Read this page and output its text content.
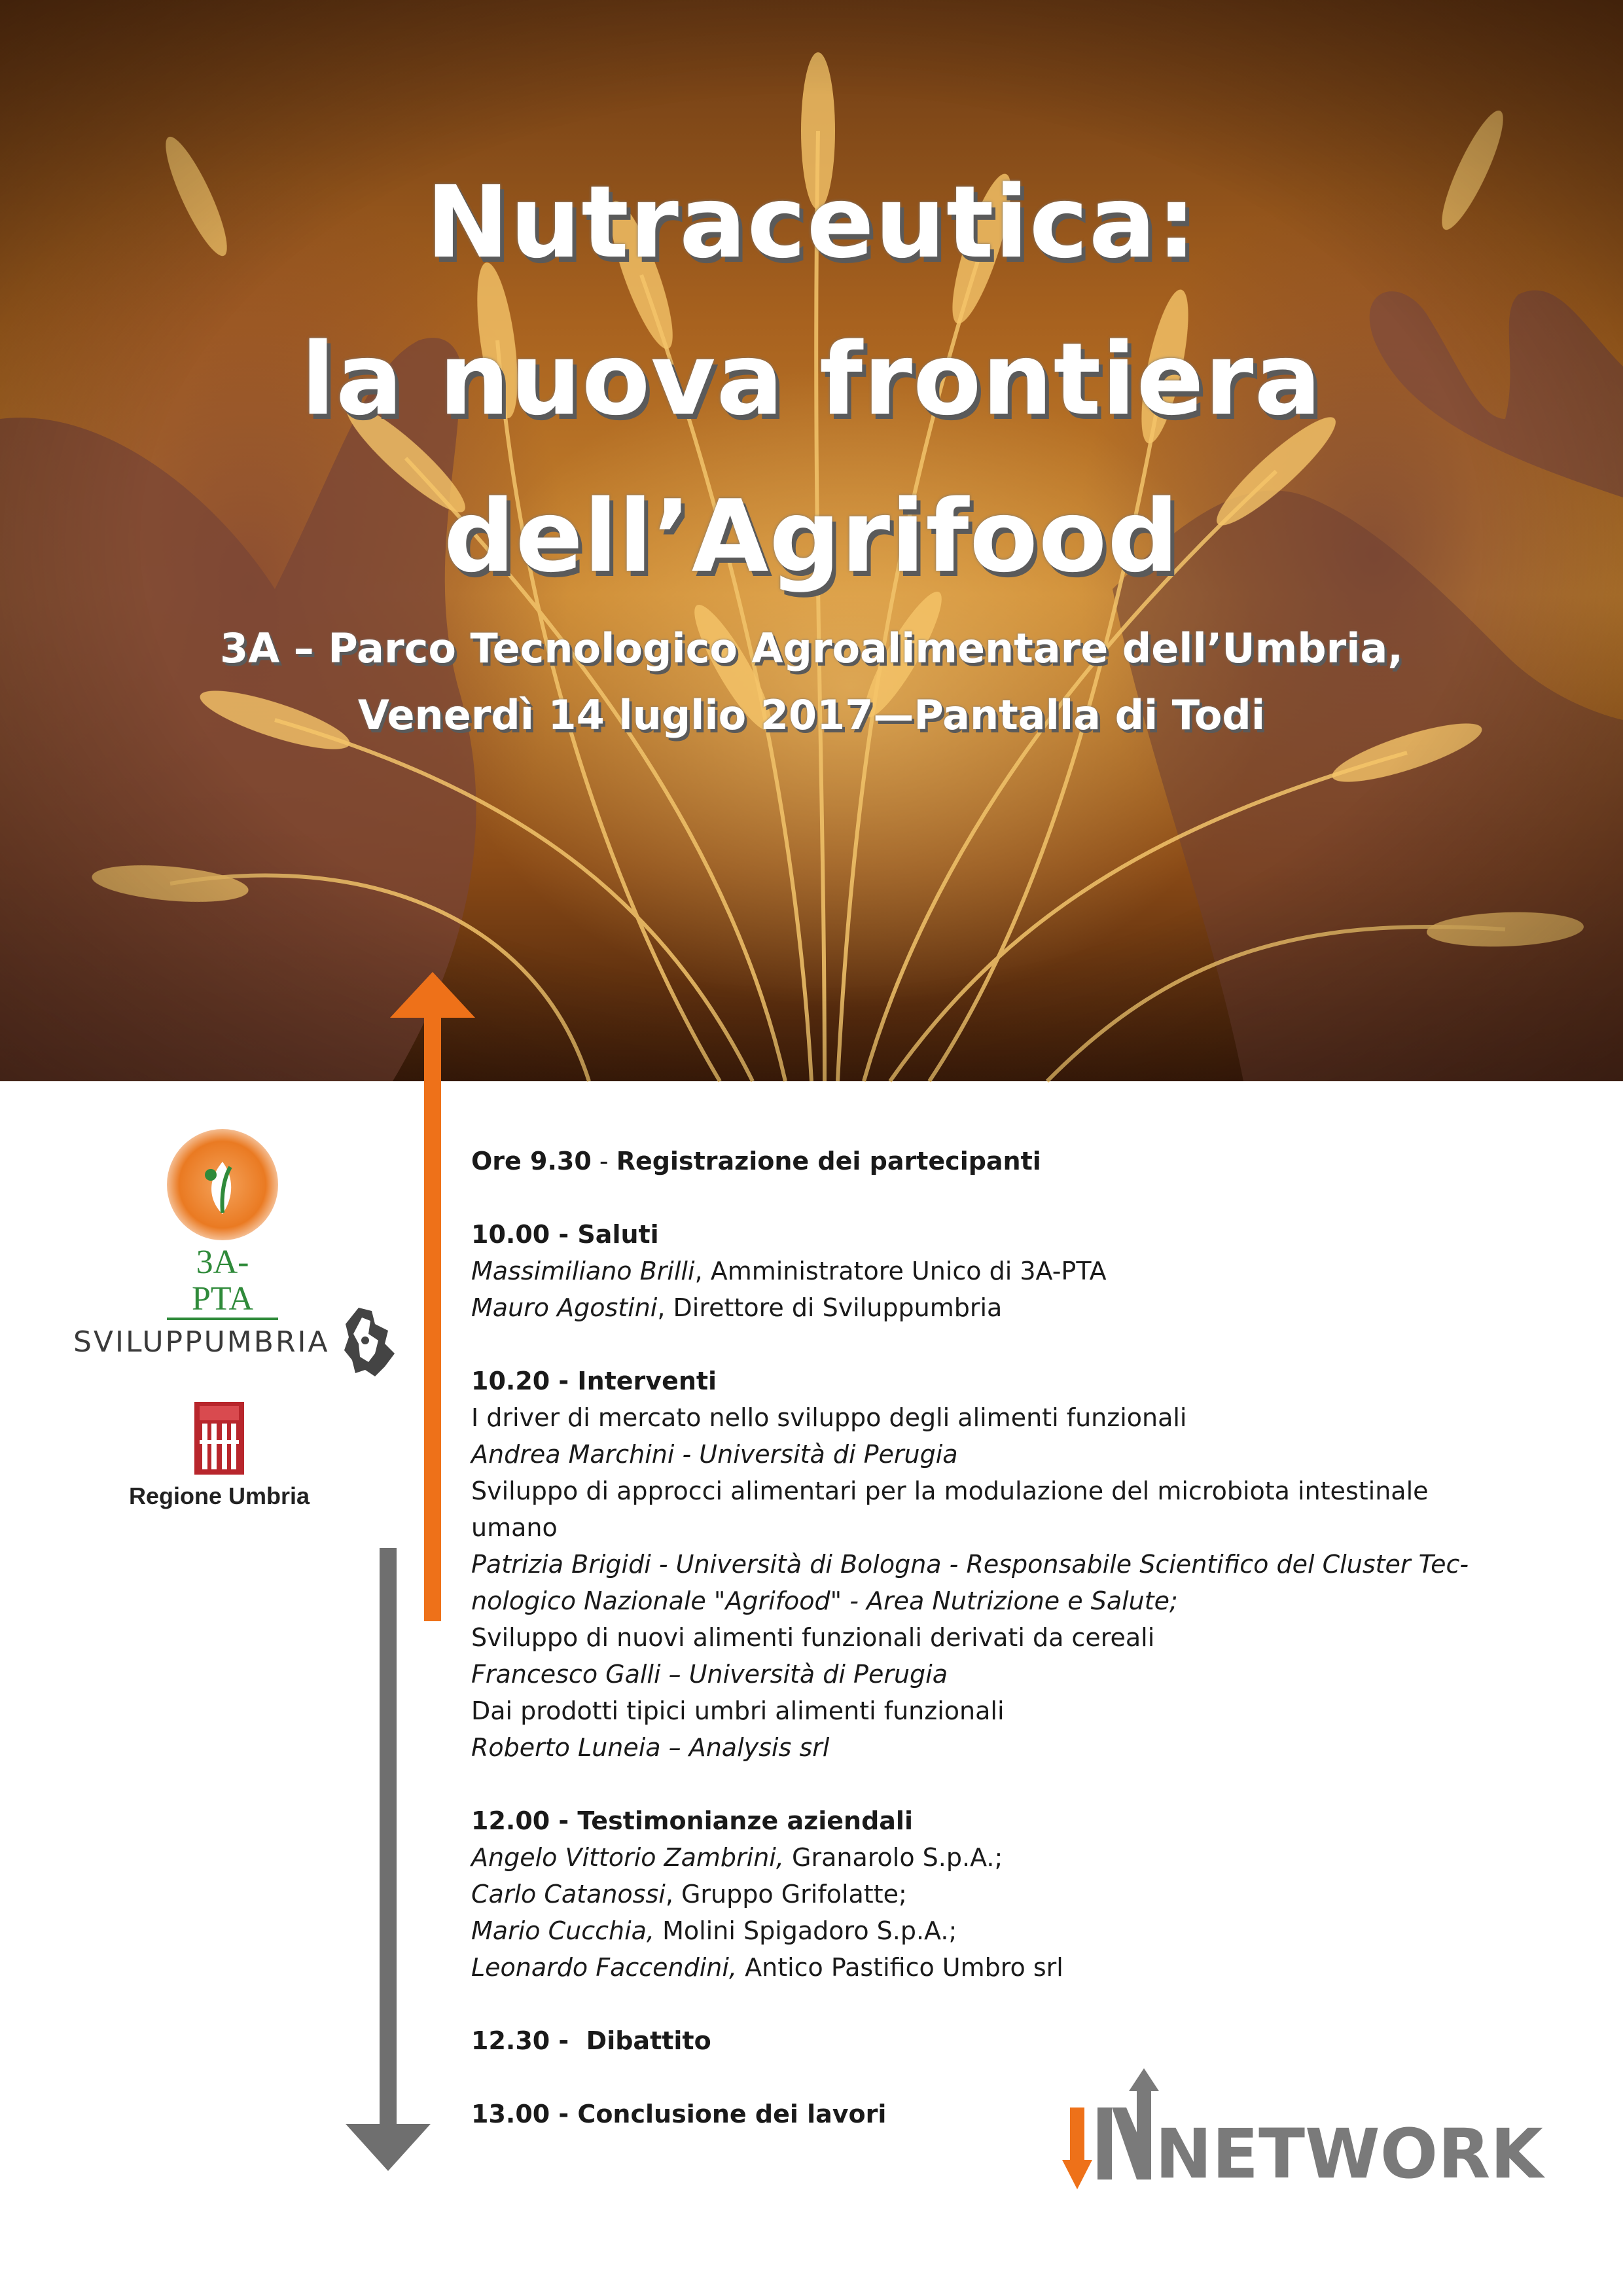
Nutraceutica:
la nuova frontiera
dell’Agrifood
3A – Parco Tecnologico Agroalimentare dell’Umbria,
Venerdì 14 luglio 2017—Pantalla di Todi
3A-PTA
SVILUPPUMBRIA
Regione Umbria
Ore 9.30 - Registrazione dei partecipanti
10.00 - Saluti
Massimiliano Brilli, Amministratore Unico di 3A-PTA
Mauro Agostini, Direttore di Sviluppumbria
10.20 - Interventi
I driver di mercato nello sviluppo degli alimenti funzionali
Andrea Marchini - Università di Perugia
Sviluppo di approcci alimentari per la modulazione del microbiota intestinale
umano
Patrizia Brigidi - Università di Bologna - Responsabile Scientifico del Cluster Tec-
nologico Nazionale "Agrifood" - Area Nutrizione e Salute;
Sviluppo di nuovi alimenti funzionali derivati da cereali
Francesco Galli – Università di Perugia
Dai prodotti tipici umbri alimenti funzionali
Roberto Luneia – Analysis srl
12.00 - Testimonianze aziendali
Angelo Vittorio Zambrini, Granarolo S.p.A.;
Carlo Catanossi, Gruppo Grifolatte;
Mario Cucchia, Molini Spigadoro S.p.A.;
Leonardo Faccendini, Antico Pastifico Umbro srl
12.30 -  Dibattito
13.00 - Conclusione dei lavori	NETWORK
